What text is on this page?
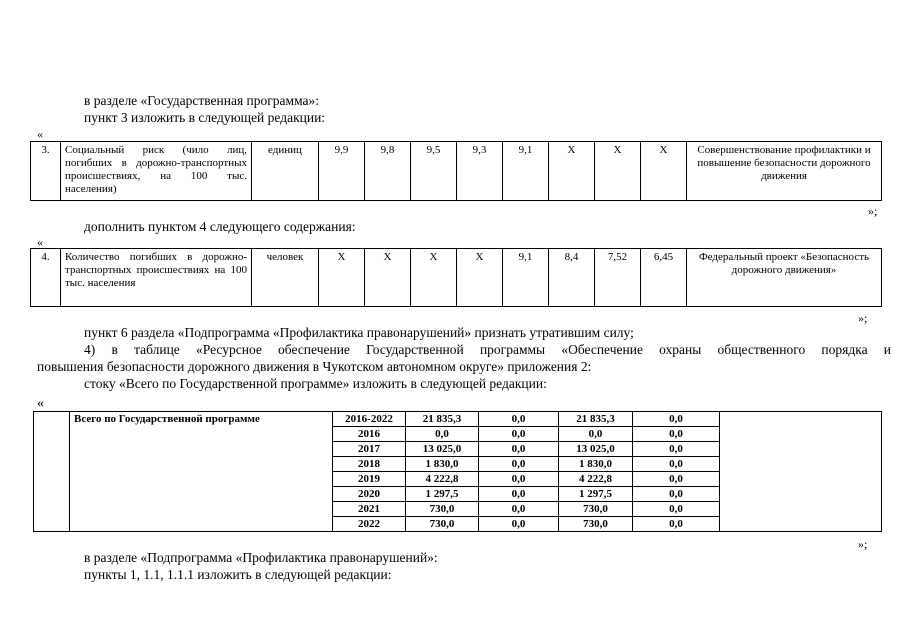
в разделе «Государственная программа»:
пункт 3 изложить в следующей редакции:
«
3.	Социальный риск (чило лиц, погибших в дорожно-транспортных происшествиях, на 100 тыс. населения)	единиц	9,9	9,8	9,5	9,3	9,1	X	X	X	Совершенствование профилактики и повышение безопасности дорожного движения
»;
дополнить пунктом 4 следующего содержания:
«
4.	Количество погибших в дорожно-транспортных происшествиях на 100 тыс. населения	человек	X	X	X	X	9,1	8,4	7,52	6,45	Федеральный проект «Безопасность дорожного движения»
»;
пункт 6 раздела «Подпрограмма «Профилактика правонарушений» признать утратившим силу;
4) в таблице «Ресурсное обеспечение Государственной программы «Обеспечение охраны общественного порядка и
повышения безопасности дорожного движения в Чукотском автономном округе» приложения 2:
стоку «Всего по Государственной программе» изложить в следующей редакции:
«
	Всего по Государственной программе	2016-2022	21 835,3	0,0	21 835,3	0,0	
		2016	0,0	0,0	0,0	0,0	
		2017	13 025,0	0,0	13 025,0	0,0	
		2018	1 830,0	0,0	1 830,0	0,0	
		2019	4 222,8	0,0	4 222,8	0,0	
		2020	1 297,5	0,0	1 297,5	0,0	
		2021	730,0	0,0	730,0	0,0	
		2022	730,0	0,0	730,0	0,0	
»;
в разделе «Подпрограмма «Профилактика правонарушений»:
пункты 1, 1.1, 1.1.1 изложить в следующей редакции:
